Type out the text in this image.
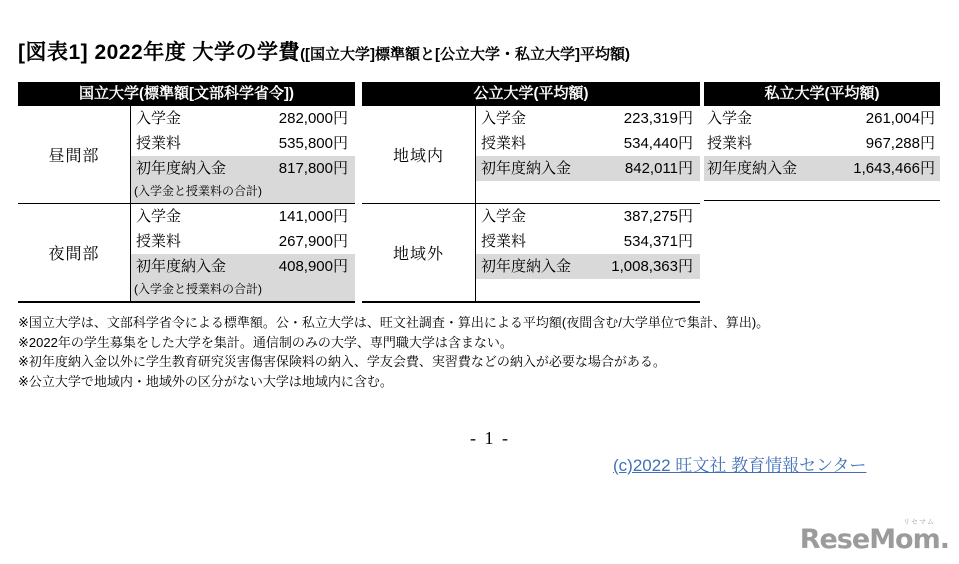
[図表1] 2022年度 大学の学費 ([国立大学]標準額と[公立大学・私立大学]平均額)
国立大学(標準額[文部科学省令])
昼間部
入学金	282,000円
授業料	535,800円
初年度納入金	817,800円
(入学金と授業料の合計)
夜間部
入学金	141,000円
授業料	267,900円
初年度納入金	408,900円
(入学金と授業料の合計)
公立大学(平均額)
地域内
入学金	223,319円
授業料	534,440円
初年度納入金	842,011円
地域外
入学金	387,275円
授業料	534,371円
初年度納入金	1,008,363円
私立大学(平均額)
入学金	261,004円
授業料	967,288円
初年度納入金	1,643,466円
※国立大学は、文部科学省令による標準額。公・私立大学は、旺文社調査・算出による平均額(夜間含む/大学単位で集計、算出)。
※2022年の学生募集をした大学を集計。通信制のみの大学、専門職大学は含まない。
※初年度納入金以外に学生教育研究災害傷害保険料の納入、学友会費、実習費などの納入が必要な場合がある。
※公立大学で地域内・地域外の区分がない大学は地域内に含む。
- 1 -
(c)2022 旺文社 教育情報センター
リセマム
ReseMom.
